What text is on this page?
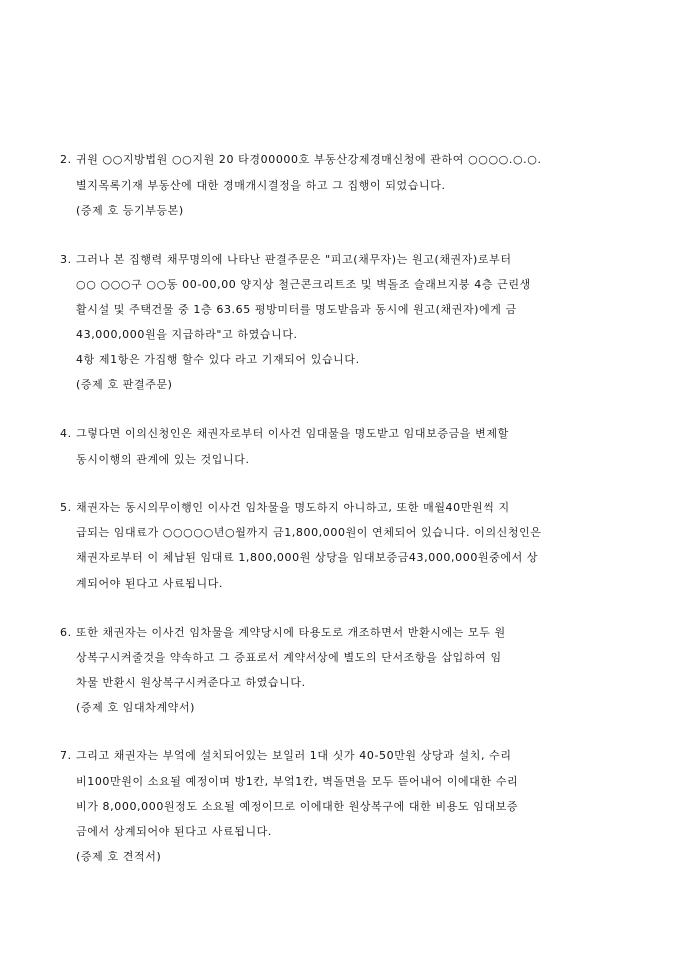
2. 귀원 ○○지방법원 ○○지원 20 타경00000호 부동산강제경매신청에 관하여 ○○○○.○.○.
별지목록기재 부동산에 대한 경매개시결정을 하고 그 집행이 되었습니다.
(증제 호 등기부등본)
3. 그러나 본 집행력 채무명의에 나타난 판결주문은 "피고(채무자)는 원고(채권자)로부터
○○ ○○○구 ○○동 00-00,00 양지상 철근콘크리트조 및 벽돌조 슬래브지붕 4층 근린생
활시설 및 주택건물 중 1층 63.65 평방미터를 명도받음과 동시에 원고(채권자)에게 금
43,000,000원을 지급하라"고 하였습니다.
4항 제1항은 가집행 할수 있다 라고 기재되어 있습니다.
(증제 호 판결주문)
4. 그렇다면 이의신청인은 채권자로부터 이사건 임대물을 명도받고 임대보증금을 변제할
동시이행의 관계에 있는 것입니다.
5. 채권자는 동시의무이행인 이사건 임차물을 명도하지 아니하고, 또한 매월40만원씩 지
급되는 임대료가 ○○○○○년○월까지 금1,800,000원이 연체되어 있습니다. 이의신청인은
채권자로부터 이 체납된 임대료 1,800,000원 상당을 임대보증금43,000,000원중에서 상
계되어야 된다고 사료됩니다.
6. 또한 채권자는 이사건 임차물을 계약당시에 타용도로 개조하면서 반환시에는 모두 원
상복구시켜줄것을 약속하고 그 증표로서 계약서상에 별도의 단서조항을 삽입하여 임
차물 반환시 원상복구시켜준다고 하였습니다.
(증제 호 임대차계약서)
7. 그리고 채권자는 부엌에 설치되어있는 보일러 1대 싯가 40-50만원 상당과 설치, 수리
비100만원이 소요될 예정이며 방1칸, 부엌1칸, 벽돌면을 모두 뜯어내어 이에대한 수리
비가 8,000,000원정도 소요될 예정이므로 이에대한 원상복구에 대한 비용도 임대보증
금에서 상계되어야 된다고 사료됩니다.
(증제 호 견적서)
